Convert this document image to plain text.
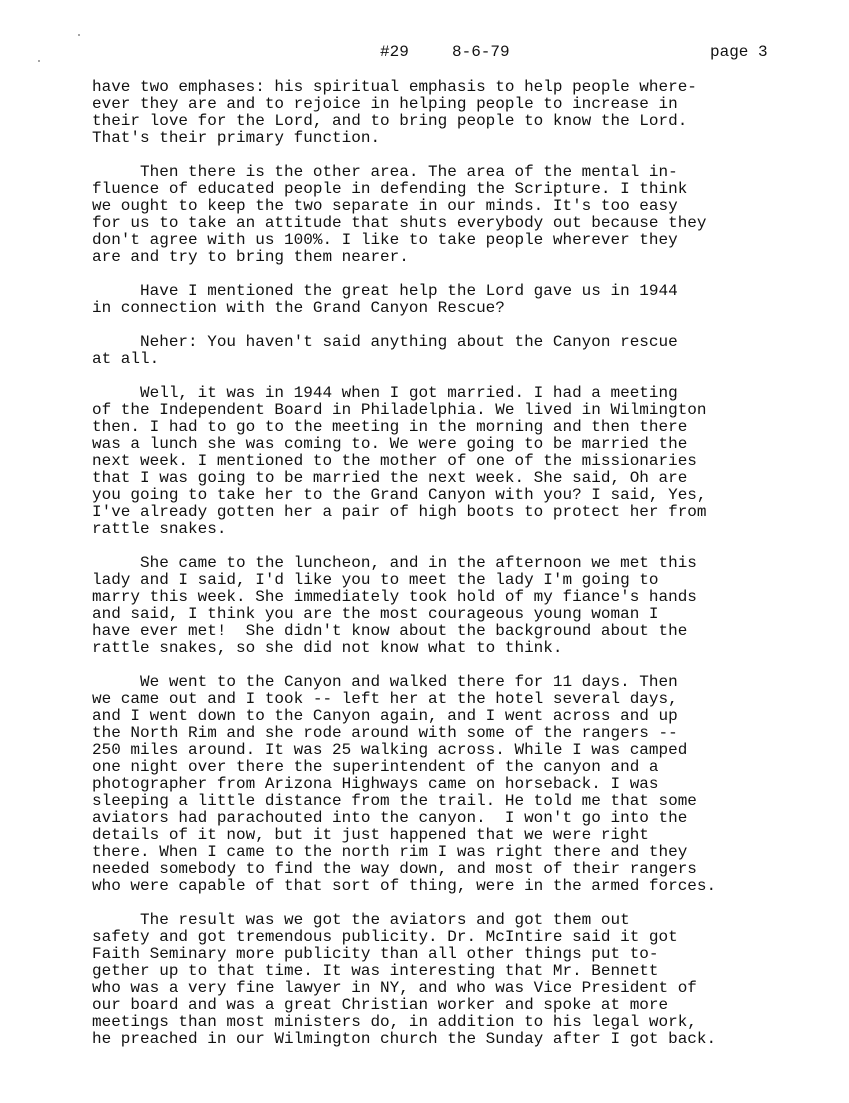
#29	8-6-79	page 3
have two emphases: his spiritual emphasis to help people where-
ever they are and to rejoice in helping people to increase in
their love for the Lord, and to bring people to know the Lord.
That's their primary function.
Then there is the other area. The area of the mental in-
fluence of educated people in defending the Scripture. I think
we ought to keep the two separate in our minds. It's too easy
for us to take an attitude that shuts everybody out because they
don't agree with us 100%. I like to take people wherever they
are and try to bring them nearer.
Have I mentioned the great help the Lord gave us in 1944
in connection with the Grand Canyon Rescue?
Neher: You haven't said anything about the Canyon rescue
at all.
Well, it was in 1944 when I got married. I had a meeting
of the Independent Board in Philadelphia. We lived in Wilmington
then. I had to go to the meeting in the morning and then there
was a lunch she was coming to. We were going to be married the
next week. I mentioned to the mother of one of the missionaries
that I was going to be married the next week. She said, Oh are
you going to take her to the Grand Canyon with you? I said, Yes,
I've already gotten her a pair of high boots to protect her from
rattle snakes.
She came to the luncheon, and in the afternoon we met this
lady and I said, I'd like you to meet the lady I'm going to
marry this week. She immediately took hold of my fiance's hands
and said, I think you are the most courageous young woman I
have ever met!  She didn't know about the background about the
rattle snakes, so she did not know what to think.
We went to the Canyon and walked there for 11 days. Then
we came out and I took -- left her at the hotel several days,
and I went down to the Canyon again, and I went across and up
the North Rim and she rode around with some of the rangers --
250 miles around. It was 25 walking across. While I was camped
one night over there the superintendent of the canyon and a
photographer from Arizona Highways came on horseback. I was
sleeping a little distance from the trail. He told me that some
aviators had parachouted into the canyon.  I won't go into the
details of it now, but it just happened that we were right
there. When I came to the north rim I was right there and they
needed somebody to find the way down, and most of their rangers
who were capable of that sort of thing, were in the armed forces.
The result was we got the aviators and got them out
safety and got tremendous publicity. Dr. McIntire said it got
Faith Seminary more publicity than all other things put to-
gether up to that time. It was interesting that Mr. Bennett
who was a very fine lawyer in NY, and who was Vice President of
our board and was a great Christian worker and spoke at more
meetings than most ministers do, in addition to his legal work,
he preached in our Wilmington church the Sunday after I got back.
